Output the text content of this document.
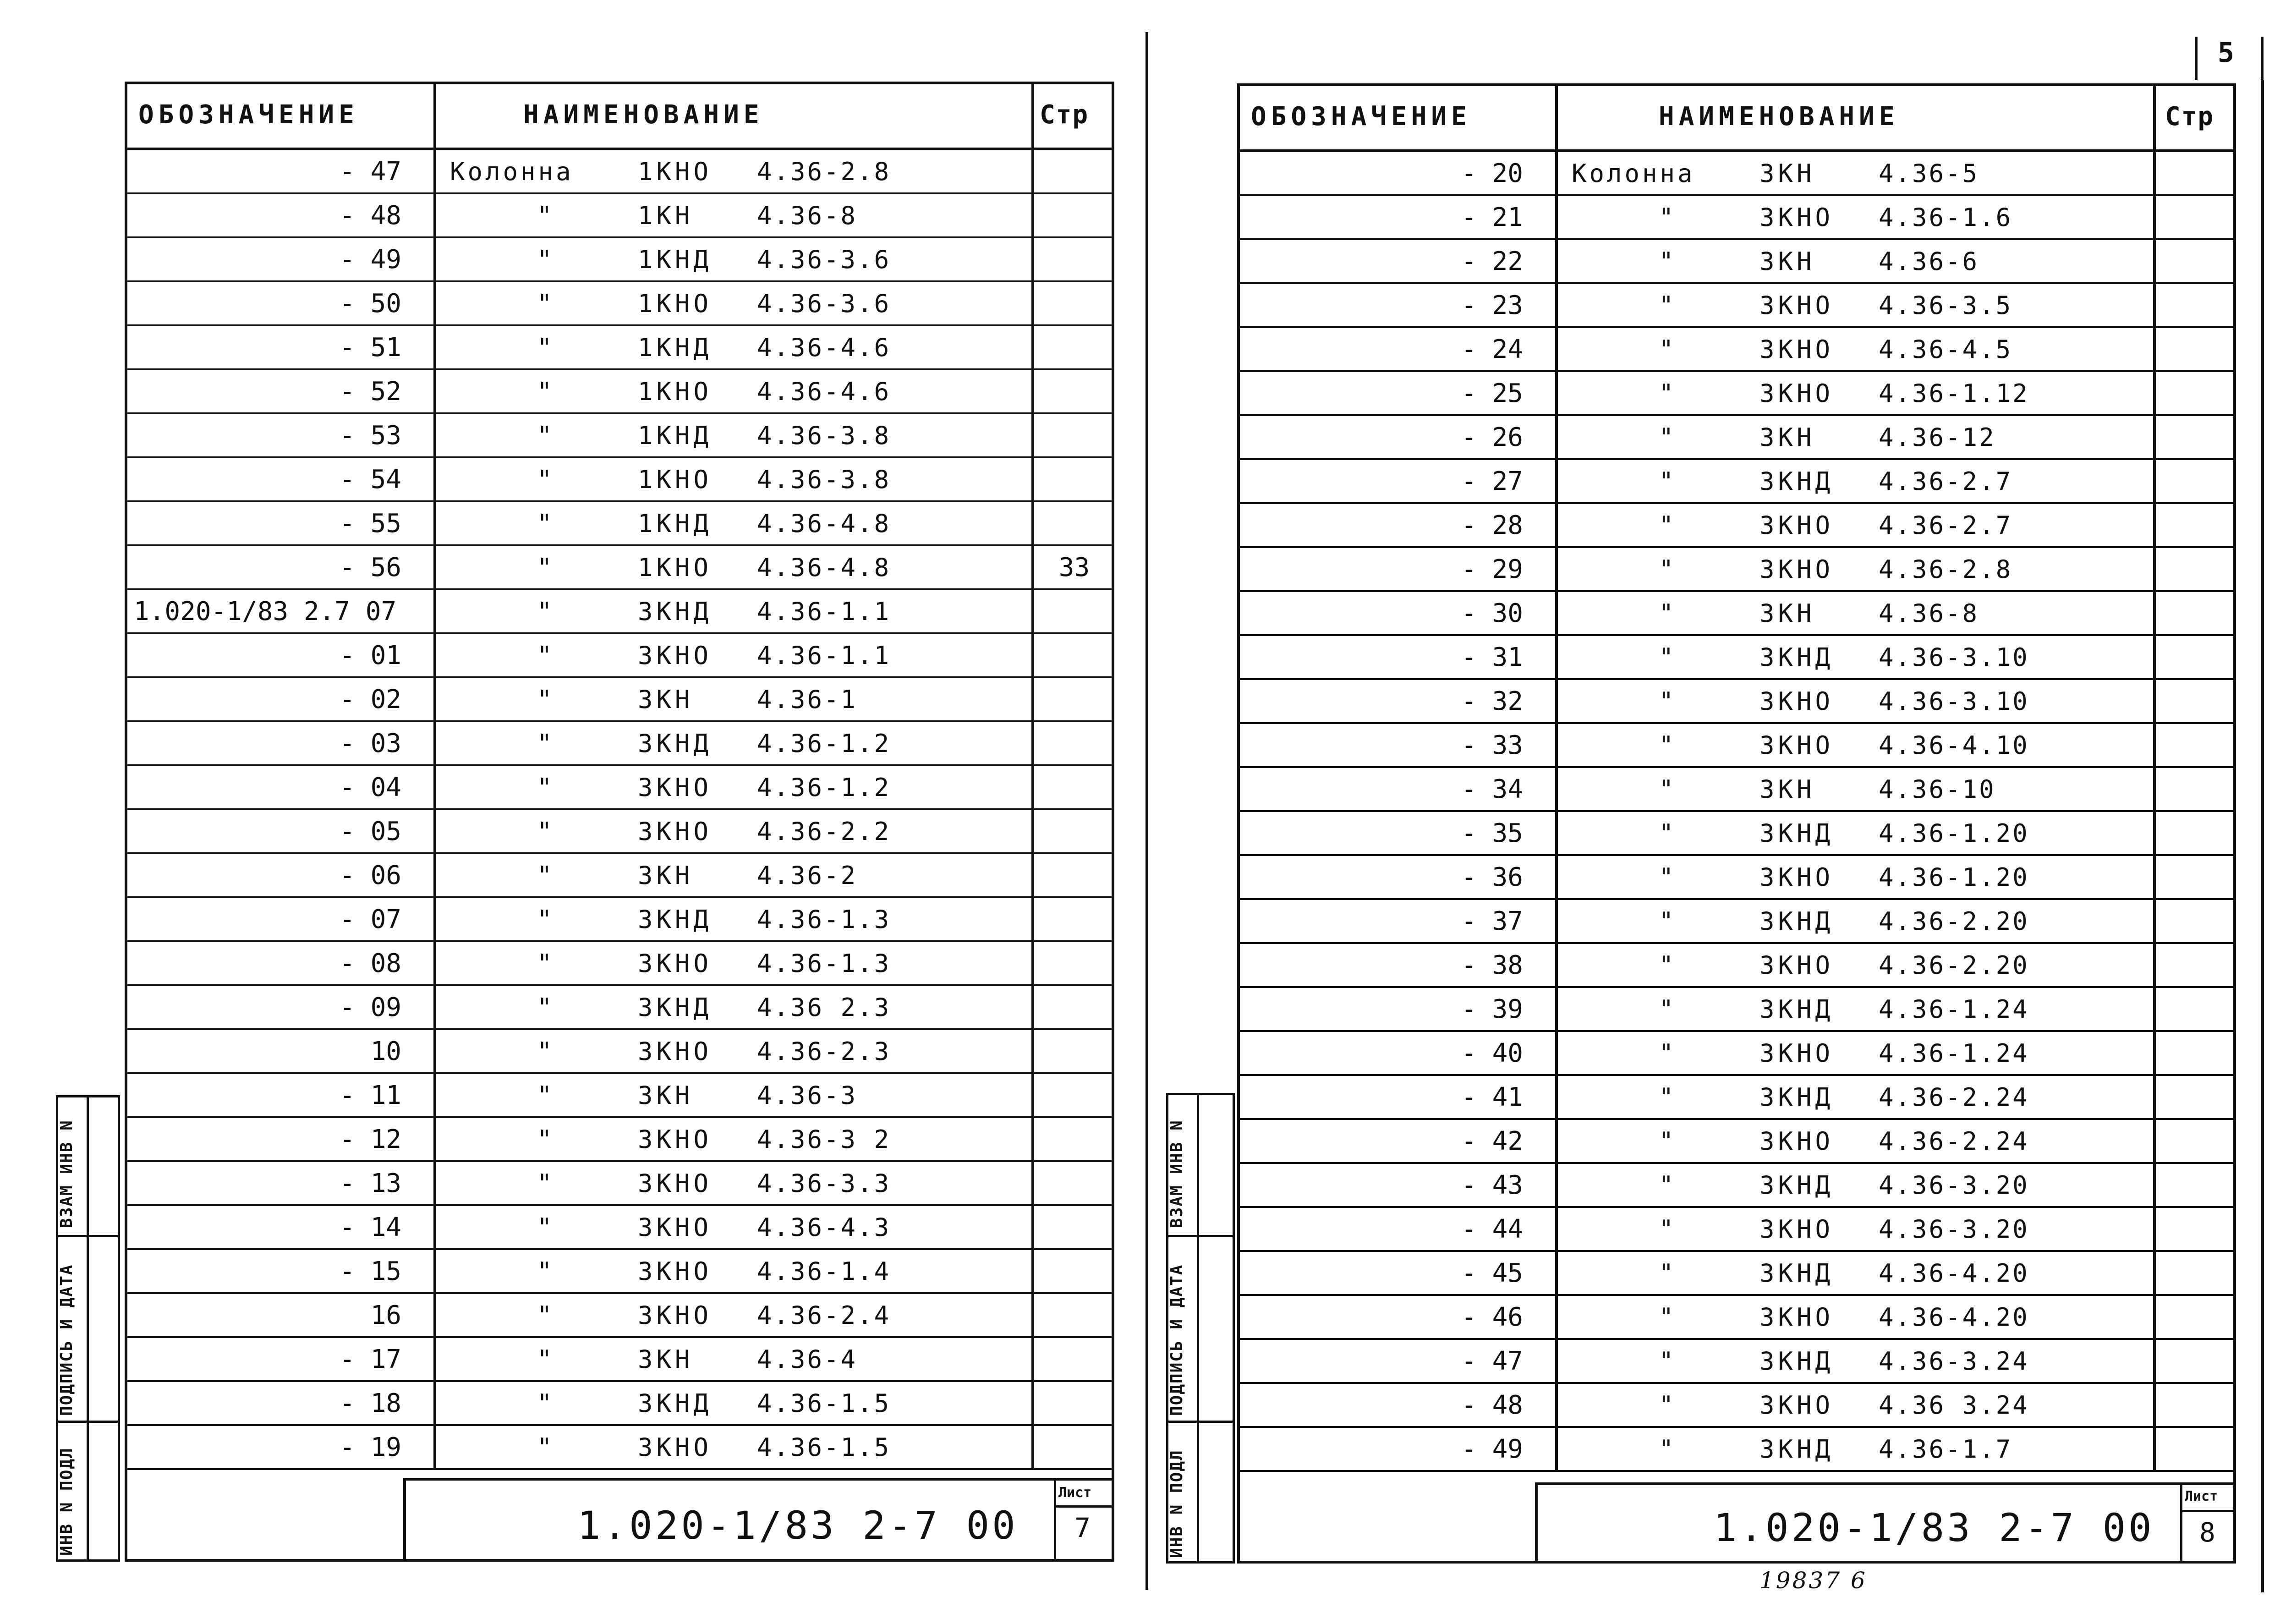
5
ОБОЗНАЧЕНИЕ	НАИМЕНОВАНИЕ	Стр
- 47	Колонна	1КНО	4.36-2.8
- 48	"	1КН	4.36-8
- 49	"	1КНД	4.36-3.6
- 50	"	1КНО	4.36-3.6
- 51	"	1КНД	4.36-4.6
- 52	"	1КНО	4.36-4.6
- 53	"	1КНД	4.36-3.8
- 54	"	1КНО	4.36-3.8
- 55	"	1КНД	4.36-4.8
- 56	"	1КНО	4.36-4.8	33
1.020-1/83 2.7 07	"	3КНД	4.36-1.1
- 01	"	3КНО	4.36-1.1
- 02	"	3КН	4.36-1
- 03	"	3КНД	4.36-1.2
- 04	"	3КНО	4.36-1.2
- 05	"	3КНО	4.36-2.2
- 06	"	3КН	4.36-2
- 07	"	3КНД	4.36-1.3
- 08	"	3КНО	4.36-1.3
- 09	"	3КНД	4.36 2.3
10	"	3КНО	4.36-2.3
- 11	"	3КН	4.36-3
- 12	"	3КНО	4.36-3 2
- 13	"	3КНО	4.36-3.3
- 14	"	3КНО	4.36-4.3
- 15	"	3КНО	4.36-1.4
16	"	3КНО	4.36-2.4
- 17	"	3КН	4.36-4
- 18	"	3КНД	4.36-1.5
- 19	"	3КНО	4.36-1.5
1.020-1/83 2-7 00
Лист
7
ВЗАМ ИНВ N
ПОДПИСЬ И ДАТА
ИНВ N ПОДЛ
ОБОЗНАЧЕНИЕ	НАИМЕНОВАНИЕ	Стр
- 20	Колонна	3КН	4.36-5
- 21	"	3КНО	4.36-1.6
- 22	"	3КН	4.36-6
- 23	"	3КНО	4.36-3.5
- 24	"	3КНО	4.36-4.5
- 25	"	3КНО	4.36-1.12
- 26	"	3КН	4.36-12
- 27	"	3КНД	4.36-2.7
- 28	"	3КНО	4.36-2.7
- 29	"	3КНО	4.36-2.8
- 30	"	3КН	4.36-8
- 31	"	3КНД	4.36-3.10
- 32	"	3КНО	4.36-3.10
- 33	"	3КНО	4.36-4.10
- 34	"	3КН	4.36-10
- 35	"	3КНД	4.36-1.20
- 36	"	3КНО	4.36-1.20
- 37	"	3КНД	4.36-2.20
- 38	"	3КНО	4.36-2.20
- 39	"	3КНД	4.36-1.24
- 40	"	3КНО	4.36-1.24
- 41	"	3КНД	4.36-2.24
- 42	"	3КНО	4.36-2.24
- 43	"	3КНД	4.36-3.20
- 44	"	3КНО	4.36-3.20
- 45	"	3КНД	4.36-4.20
- 46	"	3КНО	4.36-4.20
- 47	"	3КНД	4.36-3.24
- 48	"	3КНО	4.36 3.24
- 49	"	3КНД	4.36-1.7
1.020-1/83 2-7 00
Лист
8
ВЗАМ ИНВ N
ПОДПИСЬ И ДАТА
ИНВ N ПОДЛ
19837 6
